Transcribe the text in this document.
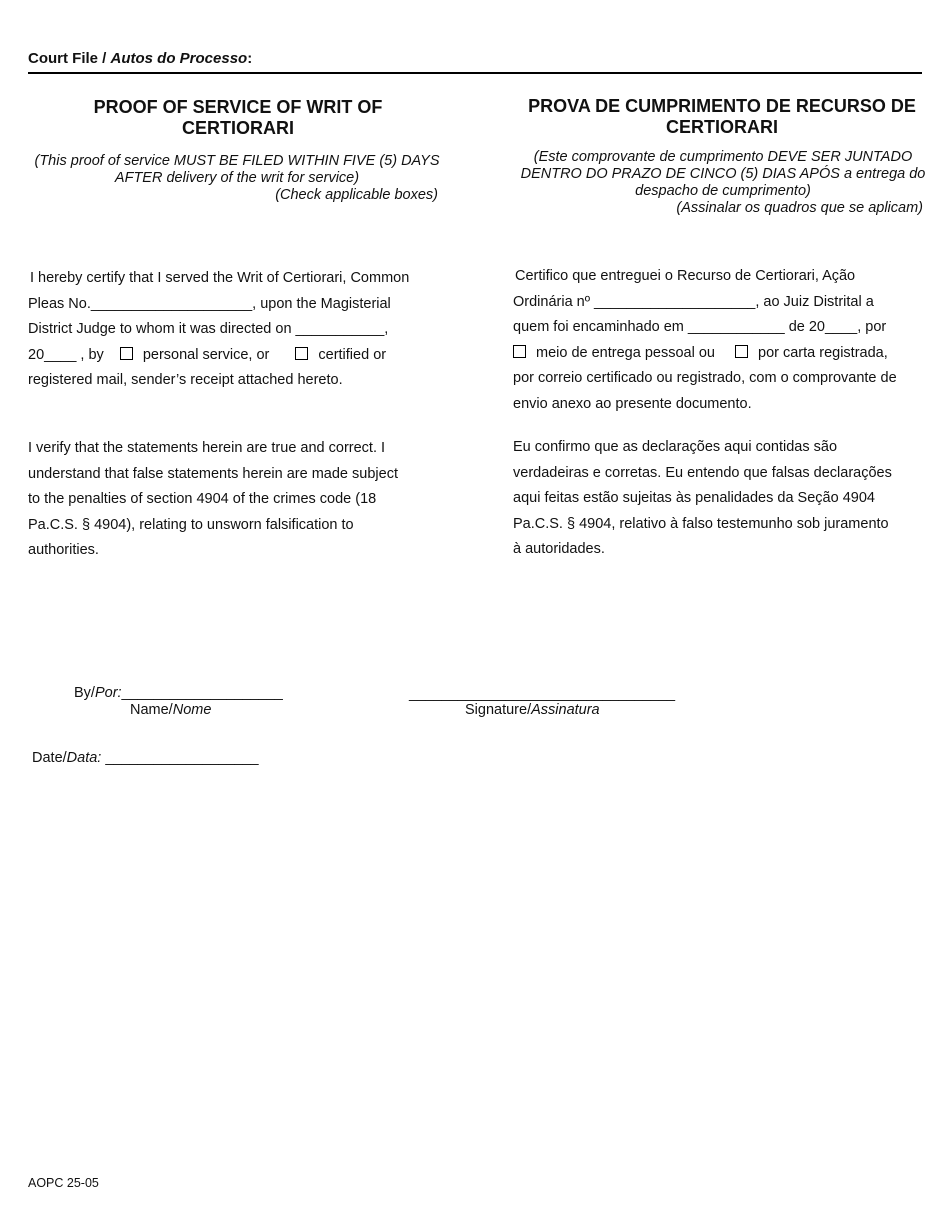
Court File / Autos do Processo:
PROOF OF SERVICE OF WRIT OF
CERTIORARI
(This proof of service MUST BE FILED WITHIN FIVE (5) DAYS
AFTER delivery of the writ for service)
(Check applicable boxes)
I hereby certify that I served the Writ of Certiorari, Common
Pleas No.____________________, upon the Magisterial
District Judge to whom it was directed on ___________,
20____ , by	personal service, or	certified or
registered mail, sender’s receipt attached hereto.
I verify that the statements herein are true and correct. I
understand that false statements herein are made subject
to the penalties of section 4904 of the crimes code (18
Pa.C.S. § 4904), relating to unsworn falsification to
authorities.
PROVA DE CUMPRIMENTO DE RECURSO DE
CERTIORARI
(Este comprovante de cumprimento DEVE SER JUNTADO
DENTRO DO PRAZO DE CINCO (5) DIAS APÓS a entrega do
despacho de cumprimento)
(Assinalar os quadros que se aplicam)
Certifico que entreguei o Recurso de Certiorari, Ação
Ordinária nº ____________________, ao Juiz Distrital a
quem foi encaminhado em ____________ de 20____, por
meio de entrega pessoal ou	por carta registrada,
por correio certificado ou registrado, com o comprovante de
envio anexo ao presente documento.
Eu confirmo que as declarações aqui contidas são
verdadeiras e corretas. Eu entendo que falsas declarações
aqui feitas estão sujeitas às penalidades da Seção 4904
Pa.C.S. § 4904, relativo à falso testemunho sob juramento
à autoridades.
By/Por:____________________
Name/Nome
_________________________________
Signature/Assinatura
Date/Data: ___________________
AOPC 25-05
